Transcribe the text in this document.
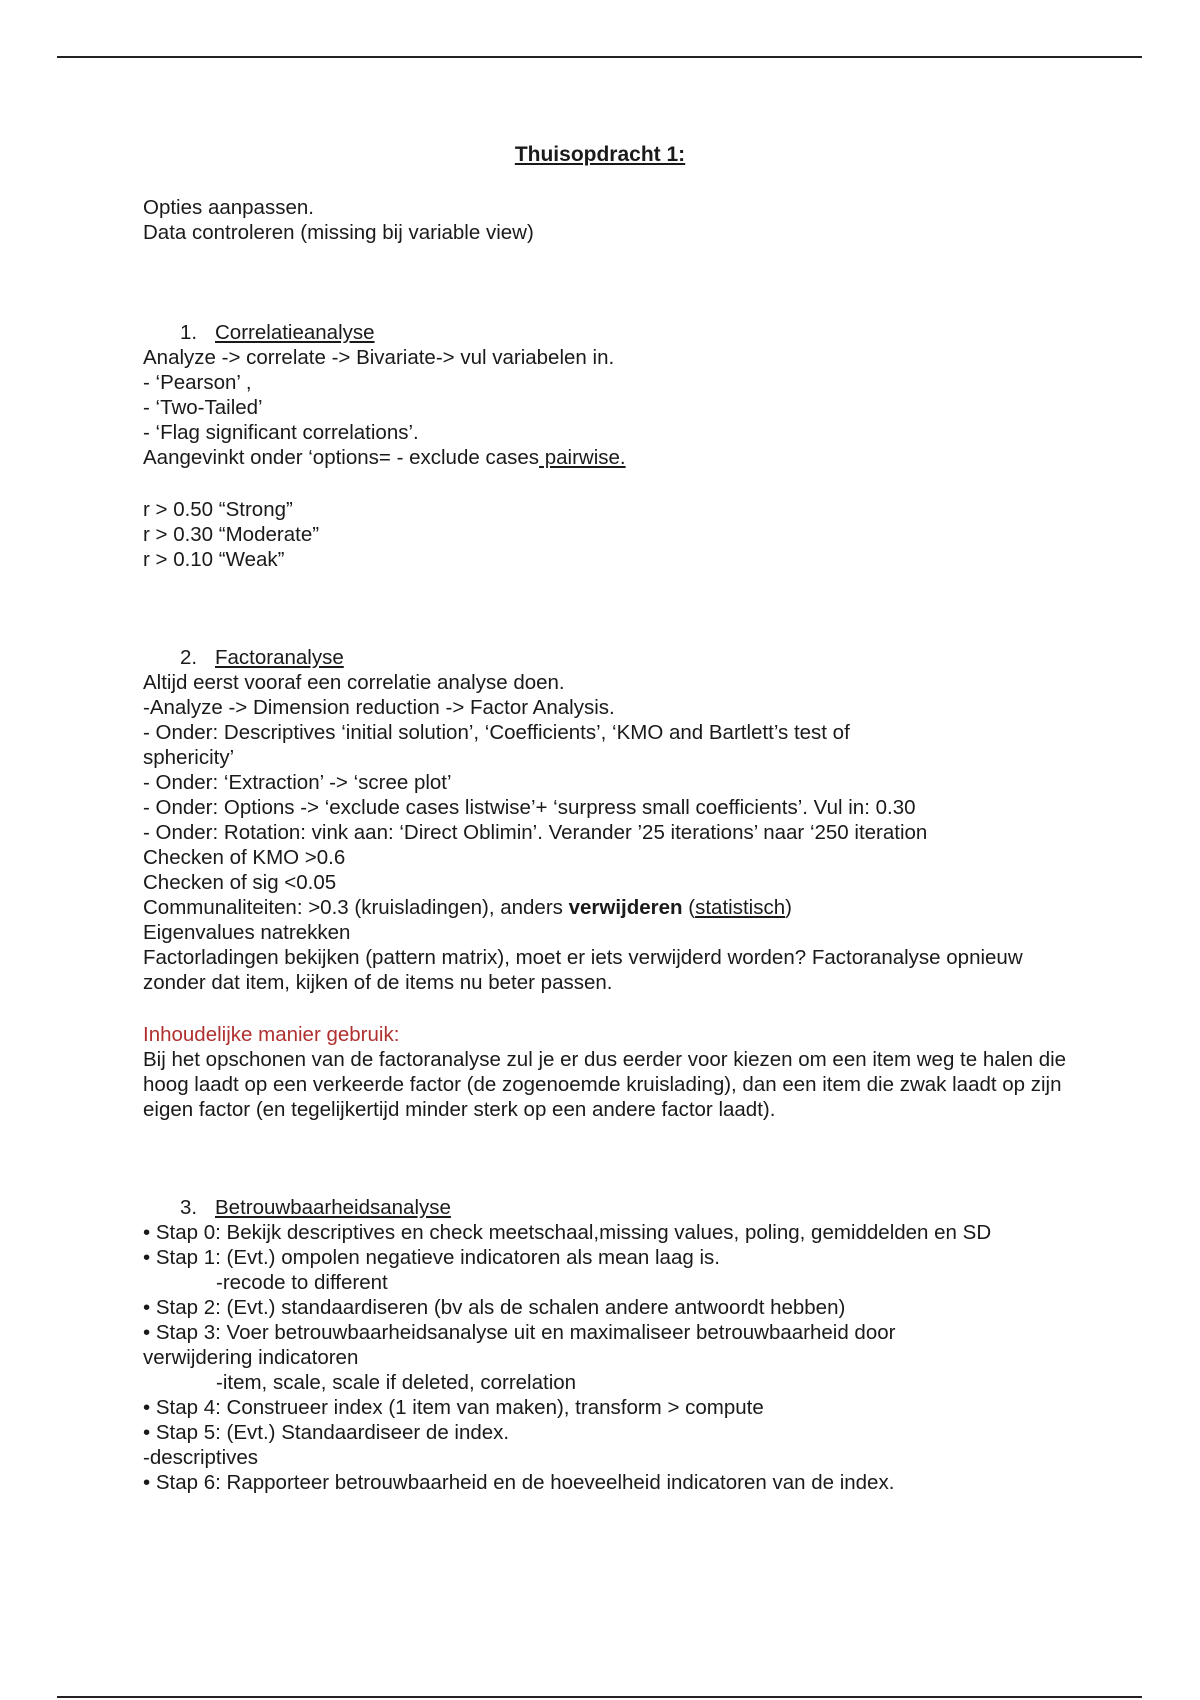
Thuisopdracht 1:

Opties aanpassen.

Data controleren (missing bij variable view)

1. Correlatieanalyse

Analyze -> correlate -> Bivariate-> vul variabelen in.

- ‘Pearson’ ,

- ‘Two-Tailed’

- ‘Flag significant correlations’.

Aangevinkt onder ‘options= - exclude cases pairwise.

r > 0.50 “Strong”

r > 0.30 “Moderate”

r > 0.10 “Weak”

2. Factoranalyse

Altijd eerst vooraf een correlatie analyse doen.

-Analyze -> Dimension reduction -> Factor Analysis.

- Onder: Descriptives ‘initial solution’, ‘Coefficients’, ‘KMO and Bartlett’s test of sphericity’

- Onder: ‘Extraction’ -> ‘scree plot’

- Onder: Options -> ‘exclude cases listwise’+ ‘surpress small coefficients’. Vul in: 0.30

- Onder: Rotation: vink aan: ‘Direct Oblimin’. Verander ’25 iterations’ naar ‘250 iteration

Checken of KMO >0.6

Checken of sig <0.05

Communaliteiten: >0.3 (kruisladingen), anders verwijderen (statistisch)

Eigenvalues natrekken

Factorladingen bekijken (pattern matrix), moet er iets verwijderd worden? Factoranalyse opnieuw zonder dat item, kijken of de items nu beter passen.

Inhoudelijke manier gebruik:

Bij het opschonen van de factoranalyse zul je er dus eerder voor kiezen om een item weg te halen die hoog laadt op een verkeerde factor (de zogenoemde kruislading), dan een item die zwak laadt op zijn eigen factor (en tegelijkertijd minder sterk op een andere factor laadt).

3. Betrouwbaarheidsanalyse

• Stap 0: Bekijk descriptives en check meetschaal,missing values, poling, gemiddelden en SD

• Stap 1: (Evt.) ompolen negatieve indicatoren als mean laag is.

-recode to different

• Stap 2: (Evt.) standaardiseren (bv als de schalen andere antwoordt hebben)

• Stap 3: Voer betrouwbaarheidsanalyse uit en maximaliseer betrouwbaarheid door verwijdering indicatoren

-item, scale, scale if deleted, correlation

• Stap 4: Construeer index (1 item van maken), transform > compute

• Stap 5: (Evt.) Standaardiseer de index.

-descriptives

• Stap 6: Rapporteer betrouwbaarheid en de hoeveelheid indicatoren van de index.
